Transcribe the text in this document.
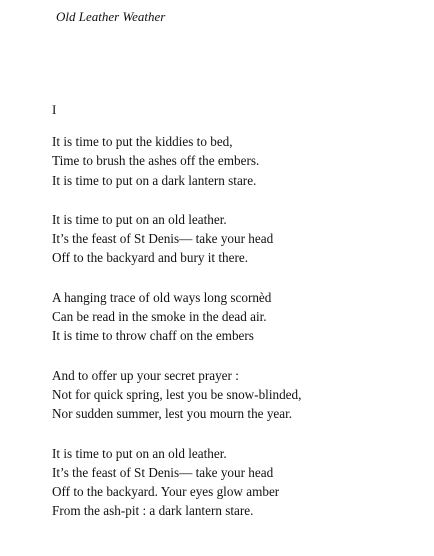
Old Leather Weather
I
It is time to put the kiddies to bed,
Time to brush the ashes off the embers.
It is time to put on a dark lantern stare.
It is time to put on an old leather.
It’s the feast of St Denis— take your head
Off to the backyard and bury it there.
A hanging trace of old ways long scornèd
Can be read in the smoke in the dead air.
It is time to throw chaff on the embers
And to offer up your secret prayer :
Not for quick spring, lest you be snow-blinded,
Nor sudden summer, lest you mourn the year.
It is time to put on an old leather.
It’s the feast of St Denis— take your head
Off to the backyard. Your eyes glow amber
From the ash-pit : a dark lantern stare.
